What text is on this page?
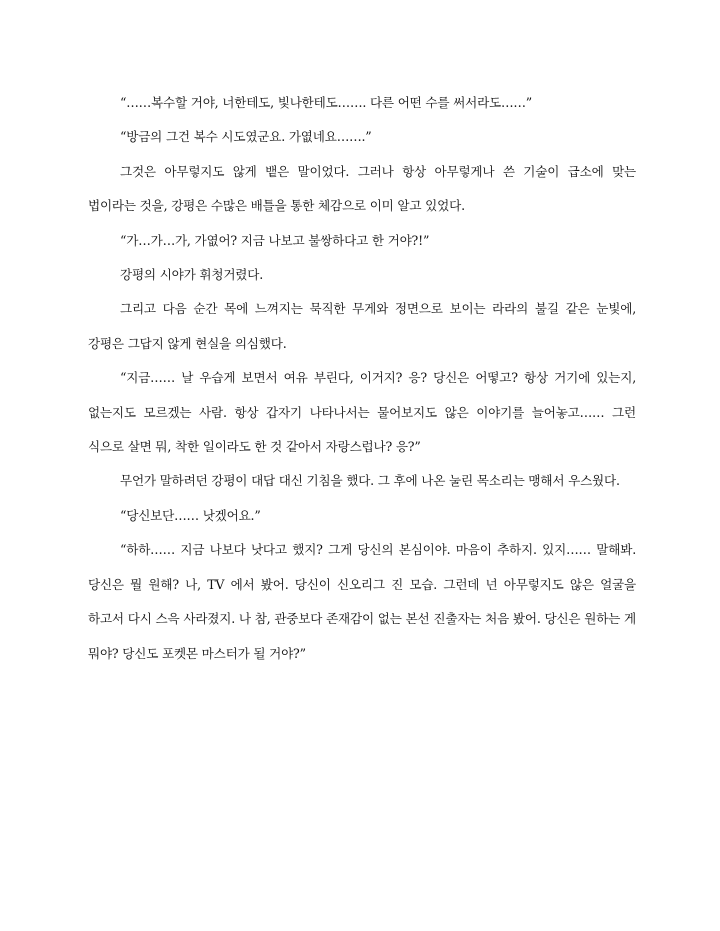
“……복수할 거야, 너한테도, 빛나한테도……. 다른 어떤 수를 써서라도……”

“방금의 그건 복수 시도였군요. 가엾네요…….”

그것은 아무렇지도 않게 뱉은 말이었다. 그러나 항상 아무렇게나 쓴 기술이 급소에 맞는 법이라는 것을, 강평은 수많은 배틀을 통한 체감으로 이미 알고 있었다.

“가…가…가, 가엾어? 지금 나보고 불쌍하다고 한 거야?!”

강평의 시야가 휘청거렸다.

그리고 다음 순간 목에 느껴지는 묵직한 무게와 정면으로 보이는 라라의 불길 같은 눈빛에, 강평은 그답지 않게 현실을 의심했다.

“지금…… 날 우습게 보면서 여유 부린다, 이거지? 응? 당신은 어떻고? 항상 거기에 있는지, 없는지도 모르겠는 사람. 항상 갑자기 나타나서는 물어보지도 않은 이야기를 늘어놓고…… 그런 식으로 살면 뭐, 착한 일이라도 한 것 같아서 자랑스럽나? 응?”

무언가 말하려던 강평이 대답 대신 기침을 했다. 그 후에 나온 눌린 목소리는 맹해서 우스웠다.

“당신보단…… 낫겠어요.”

“하하…… 지금 나보다 낫다고 했지? 그게 당신의 본심이야. 마음이 추하지. 있지…… 말해봐. 당신은 뭘 원해? 나, TV 에서 봤어. 당신이 신오리그 진 모습. 그런데 넌 아무렇지도 않은 얼굴을 하고서 다시 스윽 사라졌지. 나 참, 관중보다 존재감이 없는 본선 진출자는 처음 봤어. 당신은 원하는 게 뭐야? 당신도 포켓몬 마스터가 될 거야?”
